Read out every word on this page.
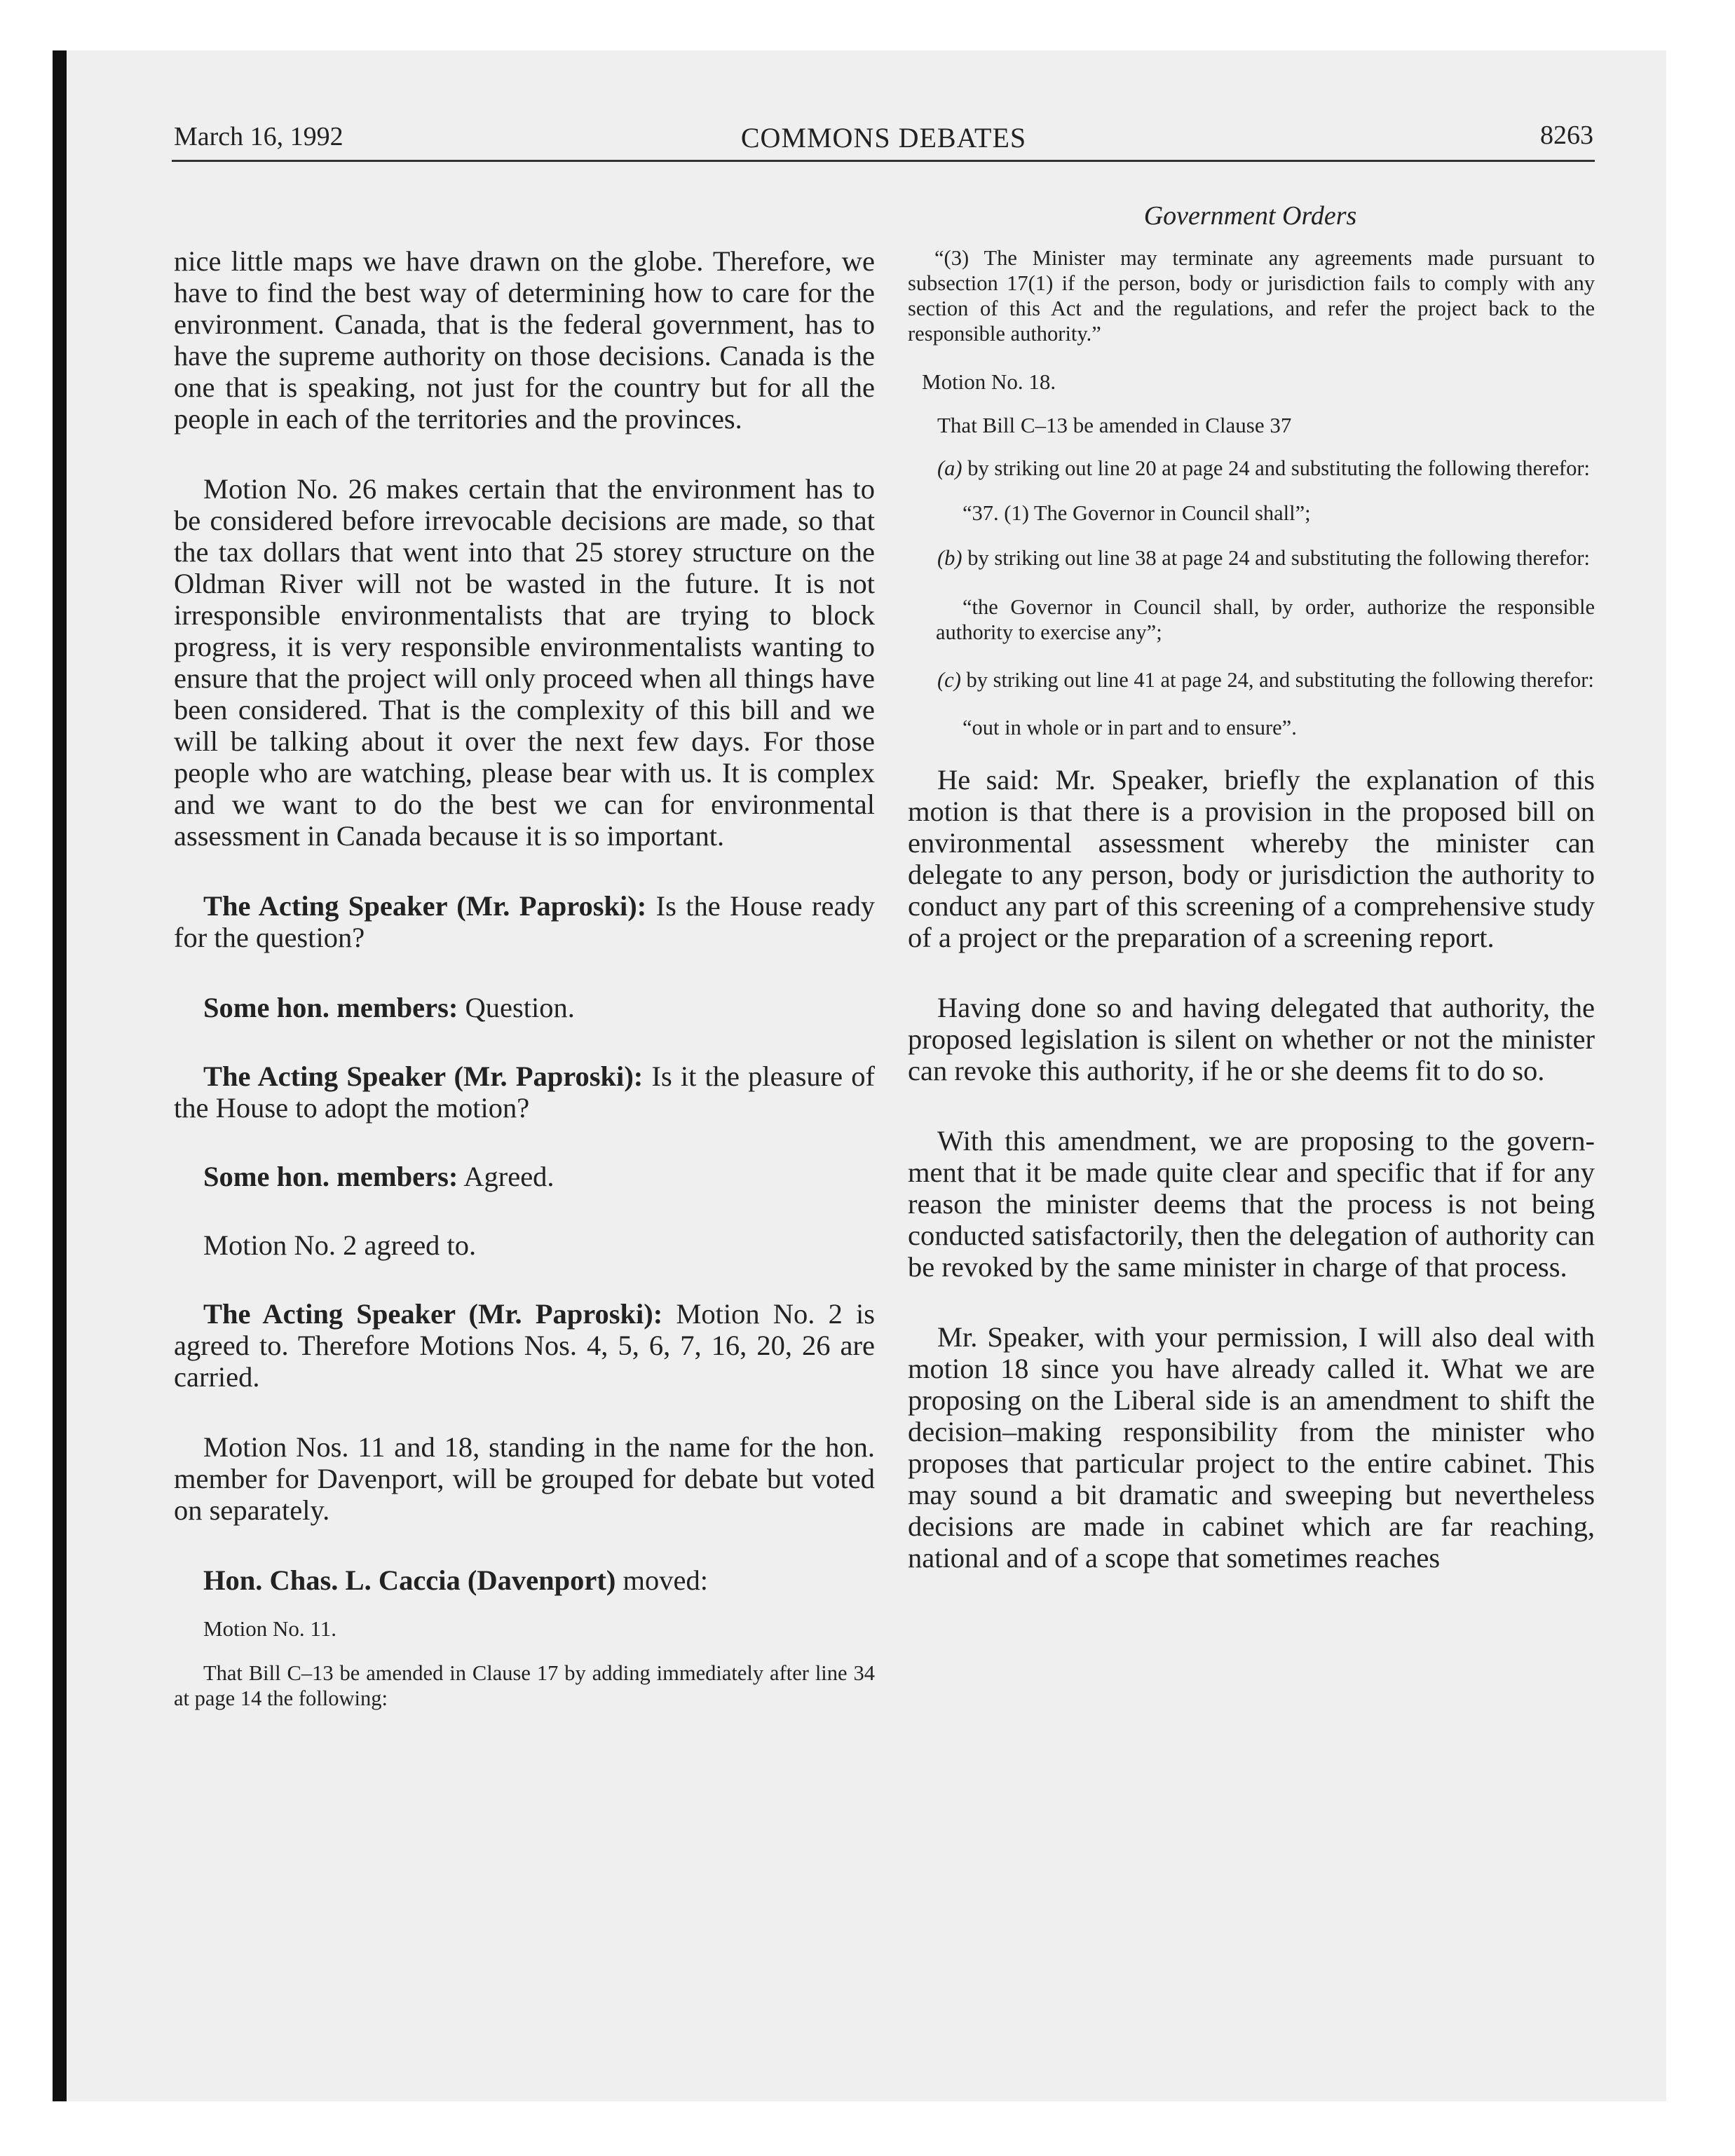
March 16, 1992	COMMONS DEBATES	8263
Government Orders

nice little maps we have drawn on the globe. Therefore, we have to find the best way of determining how to care for the environment. Canada, that is the federal government, has to have the supreme authority on those decisions. Canada is the one that is speaking, not just for the country but for all the people in each of the territories and the provinces.

Motion No. 26 makes certain that the environment has to be considered before irrevocable decisions are made, so that the tax dollars that went into that 25 storey structure on the Oldman River will not be wasted in the future. It is not irresponsible environmentalists that are trying to block progress, it is very responsible environmentalists wanting to ensure that the project will only proceed when all things have been considered. That is the complexity of this bill and we will be talking about it over the next few days. For those people who are watching, please bear with us. It is complex and we want to do the best we can for environmental assessment in Canada because it is so important.

The Acting Speaker (Mr. Paproski): Is the House ready for the question?

Some hon. members: Question.

The Acting Speaker (Mr. Paproski): Is it the pleasure of the House to adopt the motion?

Some hon. members: Agreed.

Motion No. 2 agreed to.

The Acting Speaker (Mr. Paproski): Motion No. 2 is agreed to. Therefore Motions Nos. 4, 5, 6, 7, 16, 20, 26 are carried.

Motion Nos. 11 and 18, standing in the name for the hon. member for Davenport, will be grouped for debate but voted on separately.

Hon. Chas. L. Caccia (Davenport) moved:

Motion No. 11.

That Bill C–13 be amended in Clause 17 by adding immediately after line 34 at page 14 the following:

“(3) The Minister may terminate any agreements made pursuant to subsection 17(1) if the person, body or jurisdiction fails to comply with any section of this Act and the regulations, and refer the project back to the responsible authority.”

Motion No. 18.

That Bill C–13 be amended in Clause 37

(a) by striking out line 20 at page 24 and substituting the following therefor:

“37. (1) The Governor in Council shall”;

(b) by striking out line 38 at page 24 and substituting the following therefor:

“the Governor in Council shall, by order, authorize the responsible authority to exercise any”;

(c) by striking out line 41 at page 24, and substituting the following therefor:

“out in whole or in part and to ensure”.

He said: Mr. Speaker, briefly the explanation of this motion is that there is a provision in the proposed bill on environmental assessment whereby the minister can delegate to any person, body or jurisdiction the authority to conduct any part of this screening of a comprehensive study of a project or the preparation of a screening report.

Having done so and having delegated that authority, the proposed legislation is silent on whether or not the minister can revoke this authority, if he or she deems fit to do so.

With this amendment, we are proposing to the government that it be made quite clear and specific that if for any reason the minister deems that the process is not being conducted satisfactorily, then the delegation of authority can be revoked by the same minister in charge of that process.

Mr. Speaker, with your permission, I will also deal with motion 18 since you have already called it. What we are proposing on the Liberal side is an amendment to shift the decision–making responsibility from the minister who proposes that particular project to the entire cabinet. This may sound a bit dramatic and sweeping but nevertheless decisions are made in cabinet which are far reaching, national and of a scope that sometimes reaches
